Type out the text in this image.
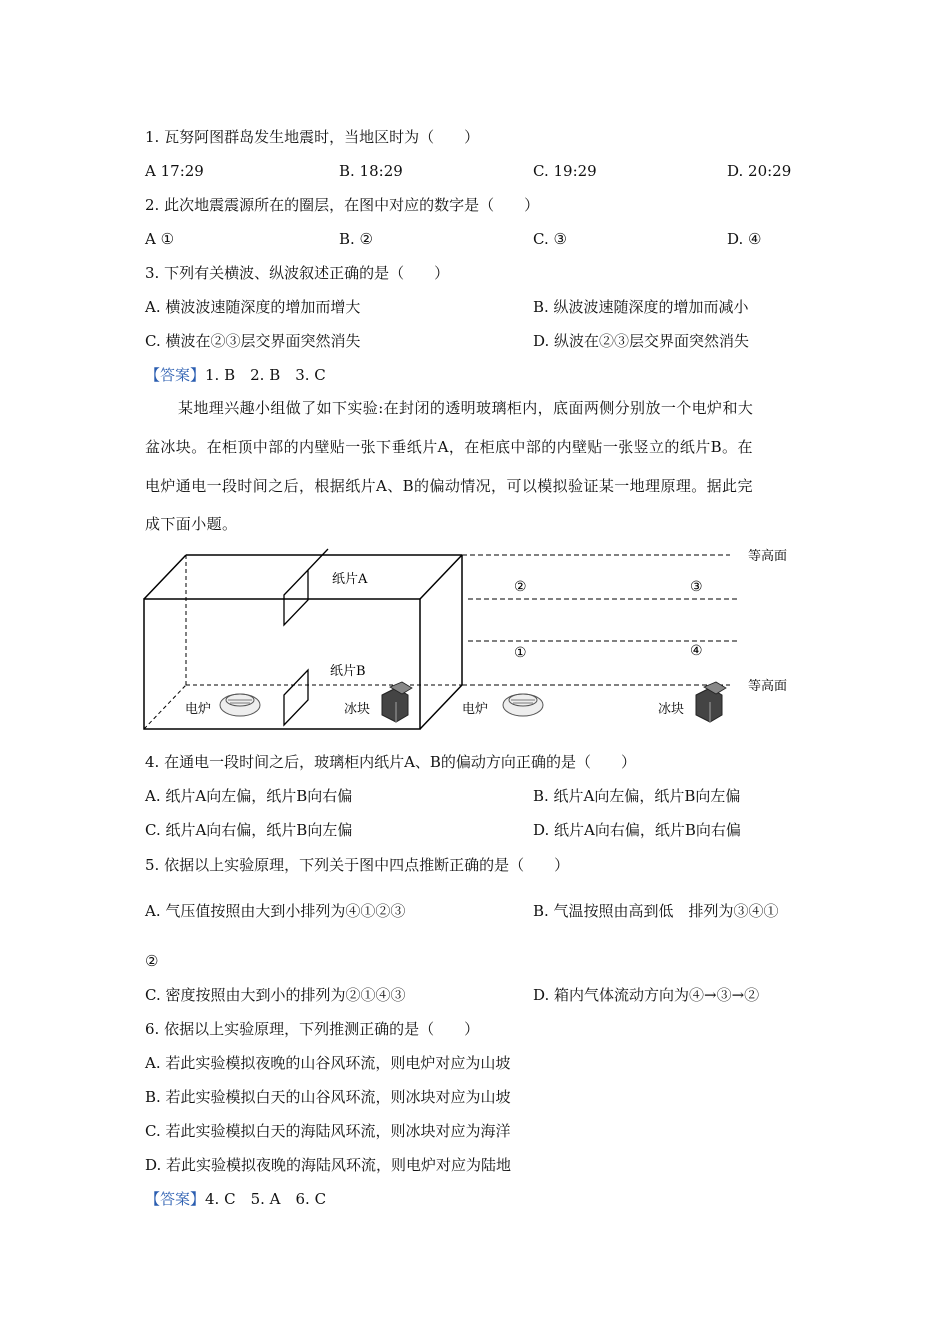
1. 瓦努阿图群岛发生地震时，当地区时为（　　）
A 17:29	B. 18:29	C. 19:29	D. 20:29
2. 此次地震震源所在的圈层，在图中对应的数字是（　　）
A ①	B. ②	C. ③	D. ④
3. 下列有关横波、纵波叙述正确的是（　　）
A. 横波波速随深度的增加而增大	B. 纵波波速随深度的增加而减小
C. 横波在②③层交界面突然消失	D. 纵波在②③层交界面突然消失
【答案】1. B　2. B　3. C
某地理兴趣小组做了如下实验:在封闭的透明玻璃柜内，底面两侧分别放一个电炉和大
盆冰块。在柜顶中部的内壁贴一张下垂纸片A，在柜底中部的内壁贴一张竖立的纸片B。在
电炉通电一段时间之后，根据纸片A、B的偏动情况，可以模拟验证某一地理原理。据此完
成下面小题。
纸片A
纸片B
电炉	冰块
等高面
等高面
②	③
①	④
电炉	冰块
4. 在通电一段时间之后，玻璃柜内纸片A、B的偏动方向正确的是（　　）
A. 纸片A向左偏，纸片B向右偏	B. 纸片A向左偏，纸片B向左偏
C. 纸片A向右偏，纸片B向左偏	D. 纸片A向右偏，纸片B向右偏
5. 依据以上实验原理，下列关于图中四点推断正确的是（　　）
A. 气压值按照由大到小排列为④①②③	B. 气温按照由高到低　排列为③④①
②
C. 密度按照由大到小的排列为②①④③	D. 箱内气体流动方向为④→③→②
6. 依据以上实验原理，下列推测正确的是（　　）
A. 若此实验模拟夜晚的山谷风环流，则电炉对应为山坡
B. 若此实验模拟白天的山谷风环流，则冰块对应为山坡
C. 若此实验模拟白天的海陆风环流，则冰块对应为海洋
D. 若此实验模拟夜晚的海陆风环流，则电炉对应为陆地
【答案】4. C　5. A　6. C
